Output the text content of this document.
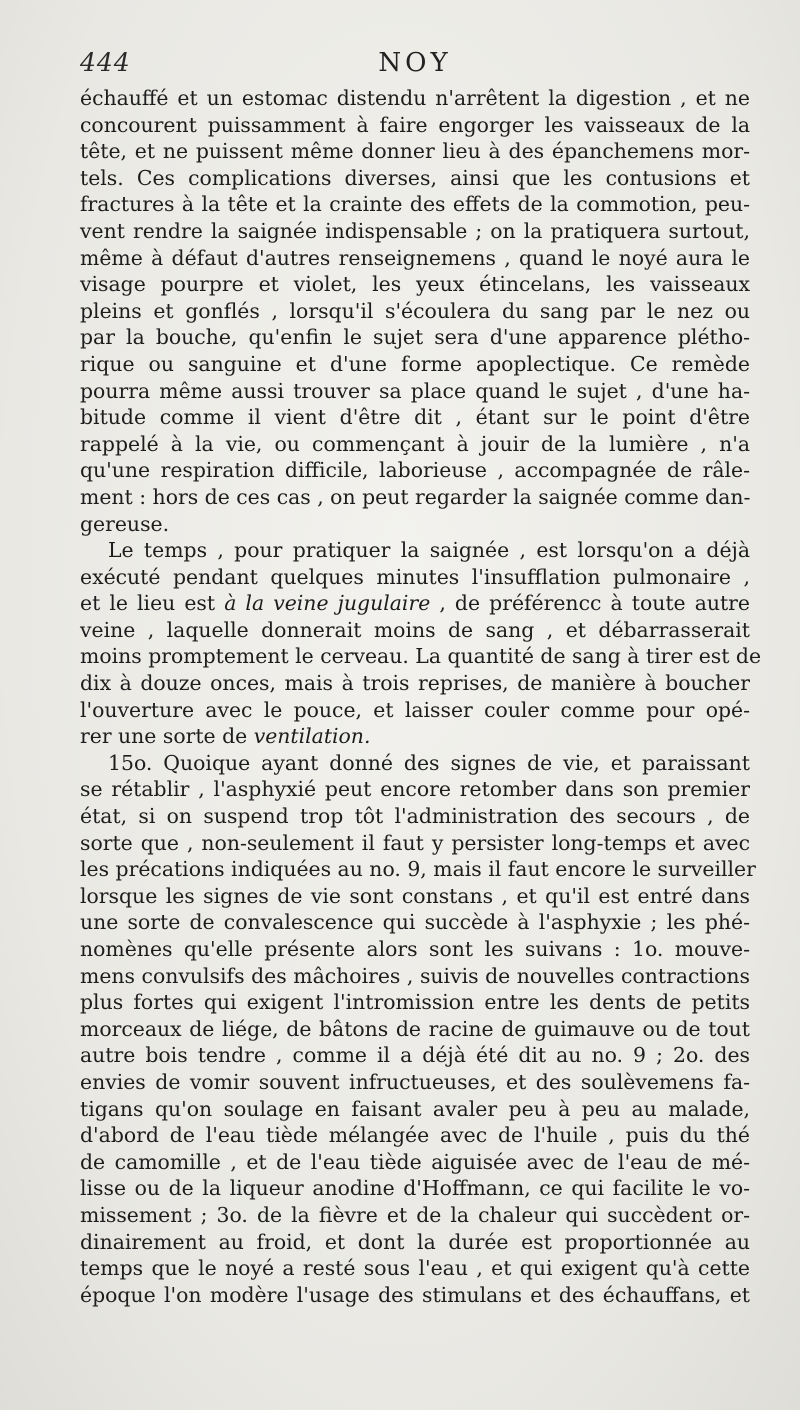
444	NOY
échauffé et un estomac distendu n'arrêtent la digestion , et ne
concourent puissamment à faire engorger les vaisseaux de la
tête, et ne puissent même donner lieu à des épanchemens mor-
tels. Ces complications diverses, ainsi que les contusions et
fractures à la tête et la crainte des effets de la commotion, peu-
vent rendre la saignée indispensable ; on la pratiquera surtout,
même à défaut d'autres renseignemens , quand le noyé aura le
visage pourpre et violet, les yeux étincelans, les vaisseaux
pleins et gonflés , lorsqu'il s'écoulera du sang par le nez ou
par la bouche, qu'enfin le sujet sera d'une apparence plétho-
rique ou sanguine et d'une forme apoplectique. Ce remède
pourra même aussi trouver sa place quand le sujet , d'une ha-
bitude comme il vient d'être dit , étant sur le point d'être
rappelé à la vie, ou commençant à jouir de la lumière , n'a
qu'une respiration difficile, laborieuse , accompagnée de râle-
ment : hors de ces cas , on peut regarder la saignée comme dan-
gereuse.
Le temps , pour pratiquer la saignée , est lorsqu'on a déjà
exécuté pendant quelques minutes l'insufflation pulmonaire ,
et le lieu est à la veine jugulaire , de préférencc à toute autre
veine , laquelle donnerait moins de sang , et débarrasserait
moins promptement le cerveau. La quantité de sang à tirer est de
dix à douze onces, mais à trois reprises, de manière à boucher
l'ouverture avec le pouce, et laisser couler comme pour opé-
rer une sorte de ventilation.
15o. Quoique ayant donné des signes de vie, et paraissant
se rétablir , l'asphyxié peut encore retomber dans son premier
état, si on suspend trop tôt l'administration des secours , de
sorte que , non-seulement il faut y persister long-temps et avec
les précations indiquées au no. 9, mais il faut encore le surveiller
lorsque les signes de vie sont constans , et qu'il est entré dans
une sorte de convalescence qui succède à l'asphyxie ; les phé-
nomènes qu'elle présente alors sont les suivans : 1o. mouve-
mens convulsifs des mâchoires , suivis de nouvelles contractions
plus fortes qui exigent l'intromission entre les dents de petits
morceaux de liége, de bâtons de racine de guimauve ou de tout
autre bois tendre , comme il a déjà été dit au no. 9 ; 2o. des
envies de vomir souvent infructueuses, et des soulèvemens fa-
tigans qu'on soulage en faisant avaler peu à peu au malade,
d'abord de l'eau tiède mélangée avec de l'huile , puis du thé
de camomille , et de l'eau tiède aiguisée avec de l'eau de mé-
lisse ou de la liqueur anodine d'Hoffmann, ce qui facilite le vo-
missement ; 3o. de la fièvre et de la chaleur qui succèdent or-
dinairement au froid, et dont la durée est proportionnée au
temps que le noyé a resté sous l'eau , et qui exigent qu'à cette
époque l'on modère l'usage des stimulans et des échauffans, et
